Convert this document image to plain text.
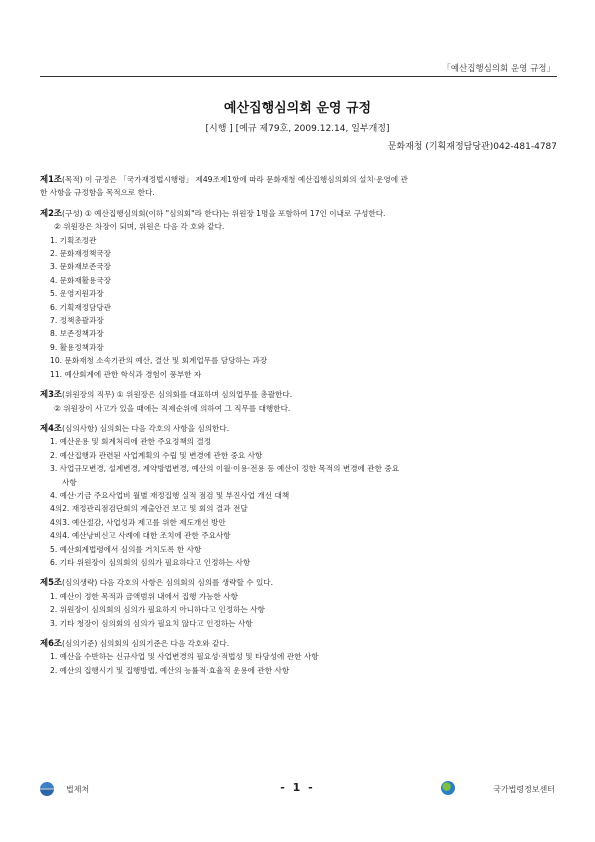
「예산집행심의회 운영 규정」
예산집행심의회 운영 규정
[시행 ] [예규 제79호, 2009.12.14, 일부개정]
문화재청 (기획재정담당관)042-481-4787
제1조(목적) 이 규정은 「국가재정법시행령」 제49조제1항에 따라 문화재청 예산집행심의회의 설치·운영에 관
한 사항을 규정함을 목적으로 한다.
제2조(구성) ① 예산집행심의회(이하 "심의회"라 한다)는 위원장 1명을 포함하여 17인 이내로 구성한다.
② 위원장은 차장이 되며, 위원은 다음 각 호와 같다.
1. 기획조정관
2. 문화재정책국장
3. 문화재보존국장
4. 문화재활용국장
5. 운영지원과장
6. 기획재정담당관
7. 정책총괄과장
8. 보존정책과장
9. 활용정책과장
10. 문화재청 소속기관의 예산, 결산 및 회계업무를 담당하는 과장
11. 예산회계에 관한 학식과 경험이 풍부한 자
제3조(위원장의 직무) ① 위원장은 심의회를 대표하며 심의업무를 총괄한다.
② 위원장이 사고가 있을 때에는 직제순위에 의하여 그 직무를 대행한다.
제4조(심의사항) 심의회는 다음 각호의 사항을 심의한다.
1. 예산운용 및 회계처리에 관한 주요정책의 결정
2. 예산집행과 관련된 사업계획의 수립 및 변경에 관한 중요 사항
3. 사업규모변경, 설계변경, 계약방법변경, 예산의 이월·이용·전용 등 예산이 정한 목적의 변경에 관한 중요
사항
4. 예산·기금 주요사업비 월별 재정집행 실적 점검 및 부진사업 개선 대책
4의2. 재정관리점검단회의 계출안건 보고 및 회의 결과 전달
4의3. 예산절감, 사업성과 제고를 위한 제도개선 방안
4의4. 예산낭비신고 사례에 대한 조치에 관한 주요사항
5. 예산회계법령에서 심의를 거치도록 한 사항
6. 기타 위원장이 심의회의 심의가 필요하다고 인정하는 사항
제5조(심의생략) 다음 각호의 사항은 심의회의 심의를 생략할 수 있다.
1. 예산이 정한 목적과 금액범위 내에서 집행 가능한 사항
2. 위원장이 심의회의 심의가 필요하지 아니하다고 인정하는 사항
3. 기타 청장이 심의회의 심의가 필요치 않다고 인정하는 사항
제6조(심의기준) 심의회의 심의기준은 다음 각호와 같다.
1. 예산을 수반하는 신규사업 및 사업변경의 필요성·적법성 및 타당성에 관한 사항
2. 예산의 집행시기 및 집행방법, 예산의 능률적·효율적 운용에 관한 사항
법제처	- 1 -	국가법령정보센터
